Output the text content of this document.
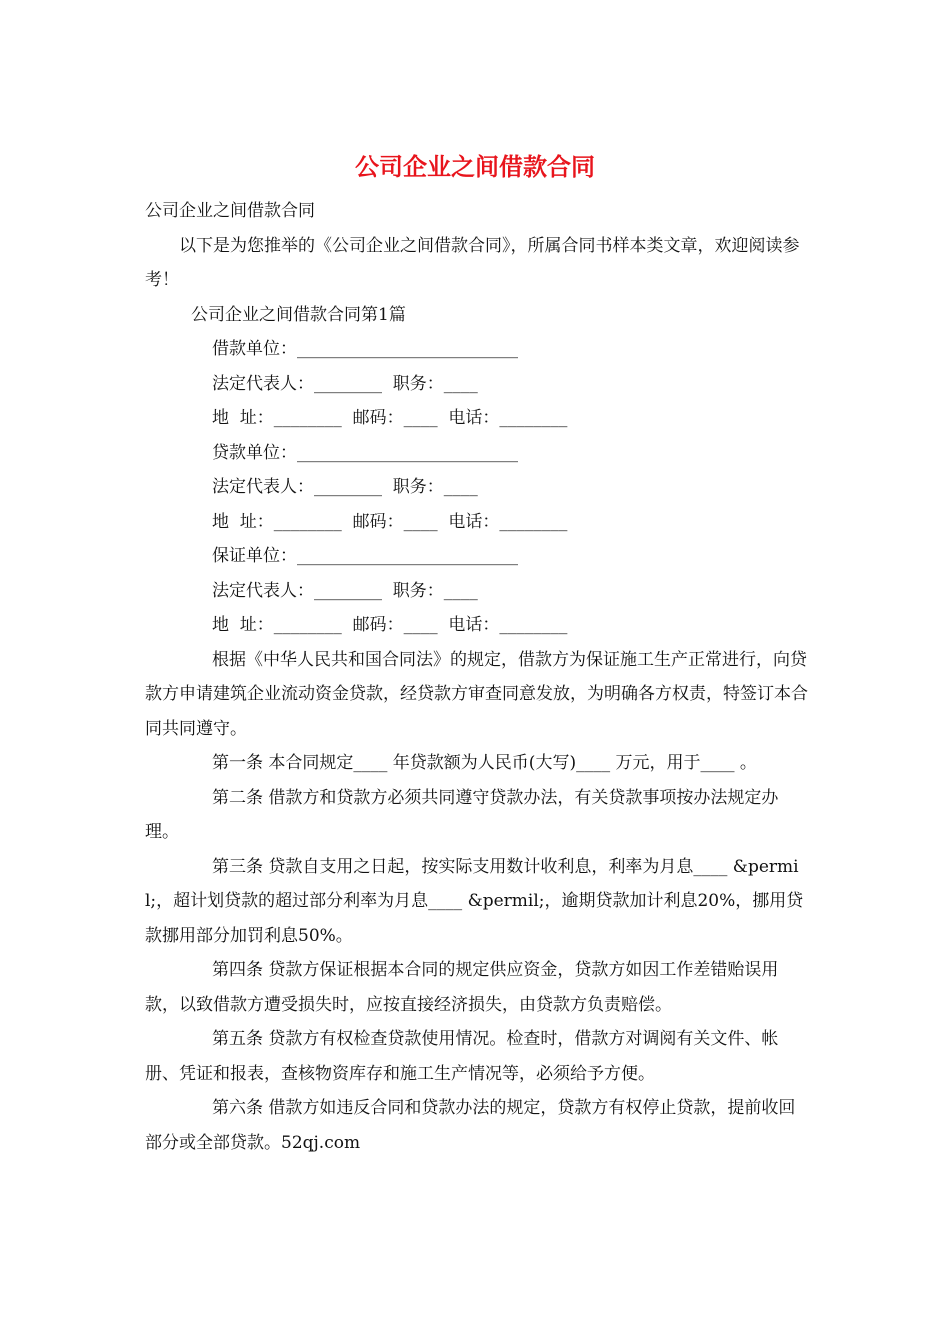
公司企业之间借款合同

公司企业之间借款合同

以下是为您推举的《公司企业之间借款合同》，所属合同书样本类文章，欢迎阅读参考！

公司企业之间借款合同第1篇

借款单位：__________________________

法定代表人：________  职务：____

地  址：________  邮码：____  电话：________

贷款单位：__________________________

法定代表人：________  职务：____

地  址：________  邮码：____  电话：________

保证单位：__________________________

法定代表人：________  职务：____

地  址：________  邮码：____  电话：________

根据《中华人民共和国合同法》的规定，借款方为保证施工生产正常进行，向贷款方申请建筑企业流动资金贷款，经贷款方审查同意发放，为明确各方权责，特签订本合同共同遵守。

第一条 本合同规定____ 年贷款额为人民币(大写)____ 万元，用于____ 。

第二条 借款方和贷款方必须共同遵守贷款办法，有关贷款事项按办法规定办理。

第三条 贷款自支用之日起，按实际支用数计收利息，利率为月息____ &permil;，超计划贷款的超过部分利率为月息____ &permil;，逾期贷款加计利息20%，挪用贷款挪用部分加罚利息50%。

第四条 贷款方保证根据本合同的规定供应资金，贷款方如因工作差错贻误用款，以致借款方遭受损失时，应按直接经济损失，由贷款方负责赔偿。

第五条 贷款方有权检查贷款使用情况。检查时，借款方对调阅有关文件、帐册、凭证和报表，查核物资库存和施工生产情况等，必须给予方便。

第六条 借款方如违反合同和贷款办法的规定，贷款方有权停止贷款，提前收回部分或全部贷款。52qj.com
